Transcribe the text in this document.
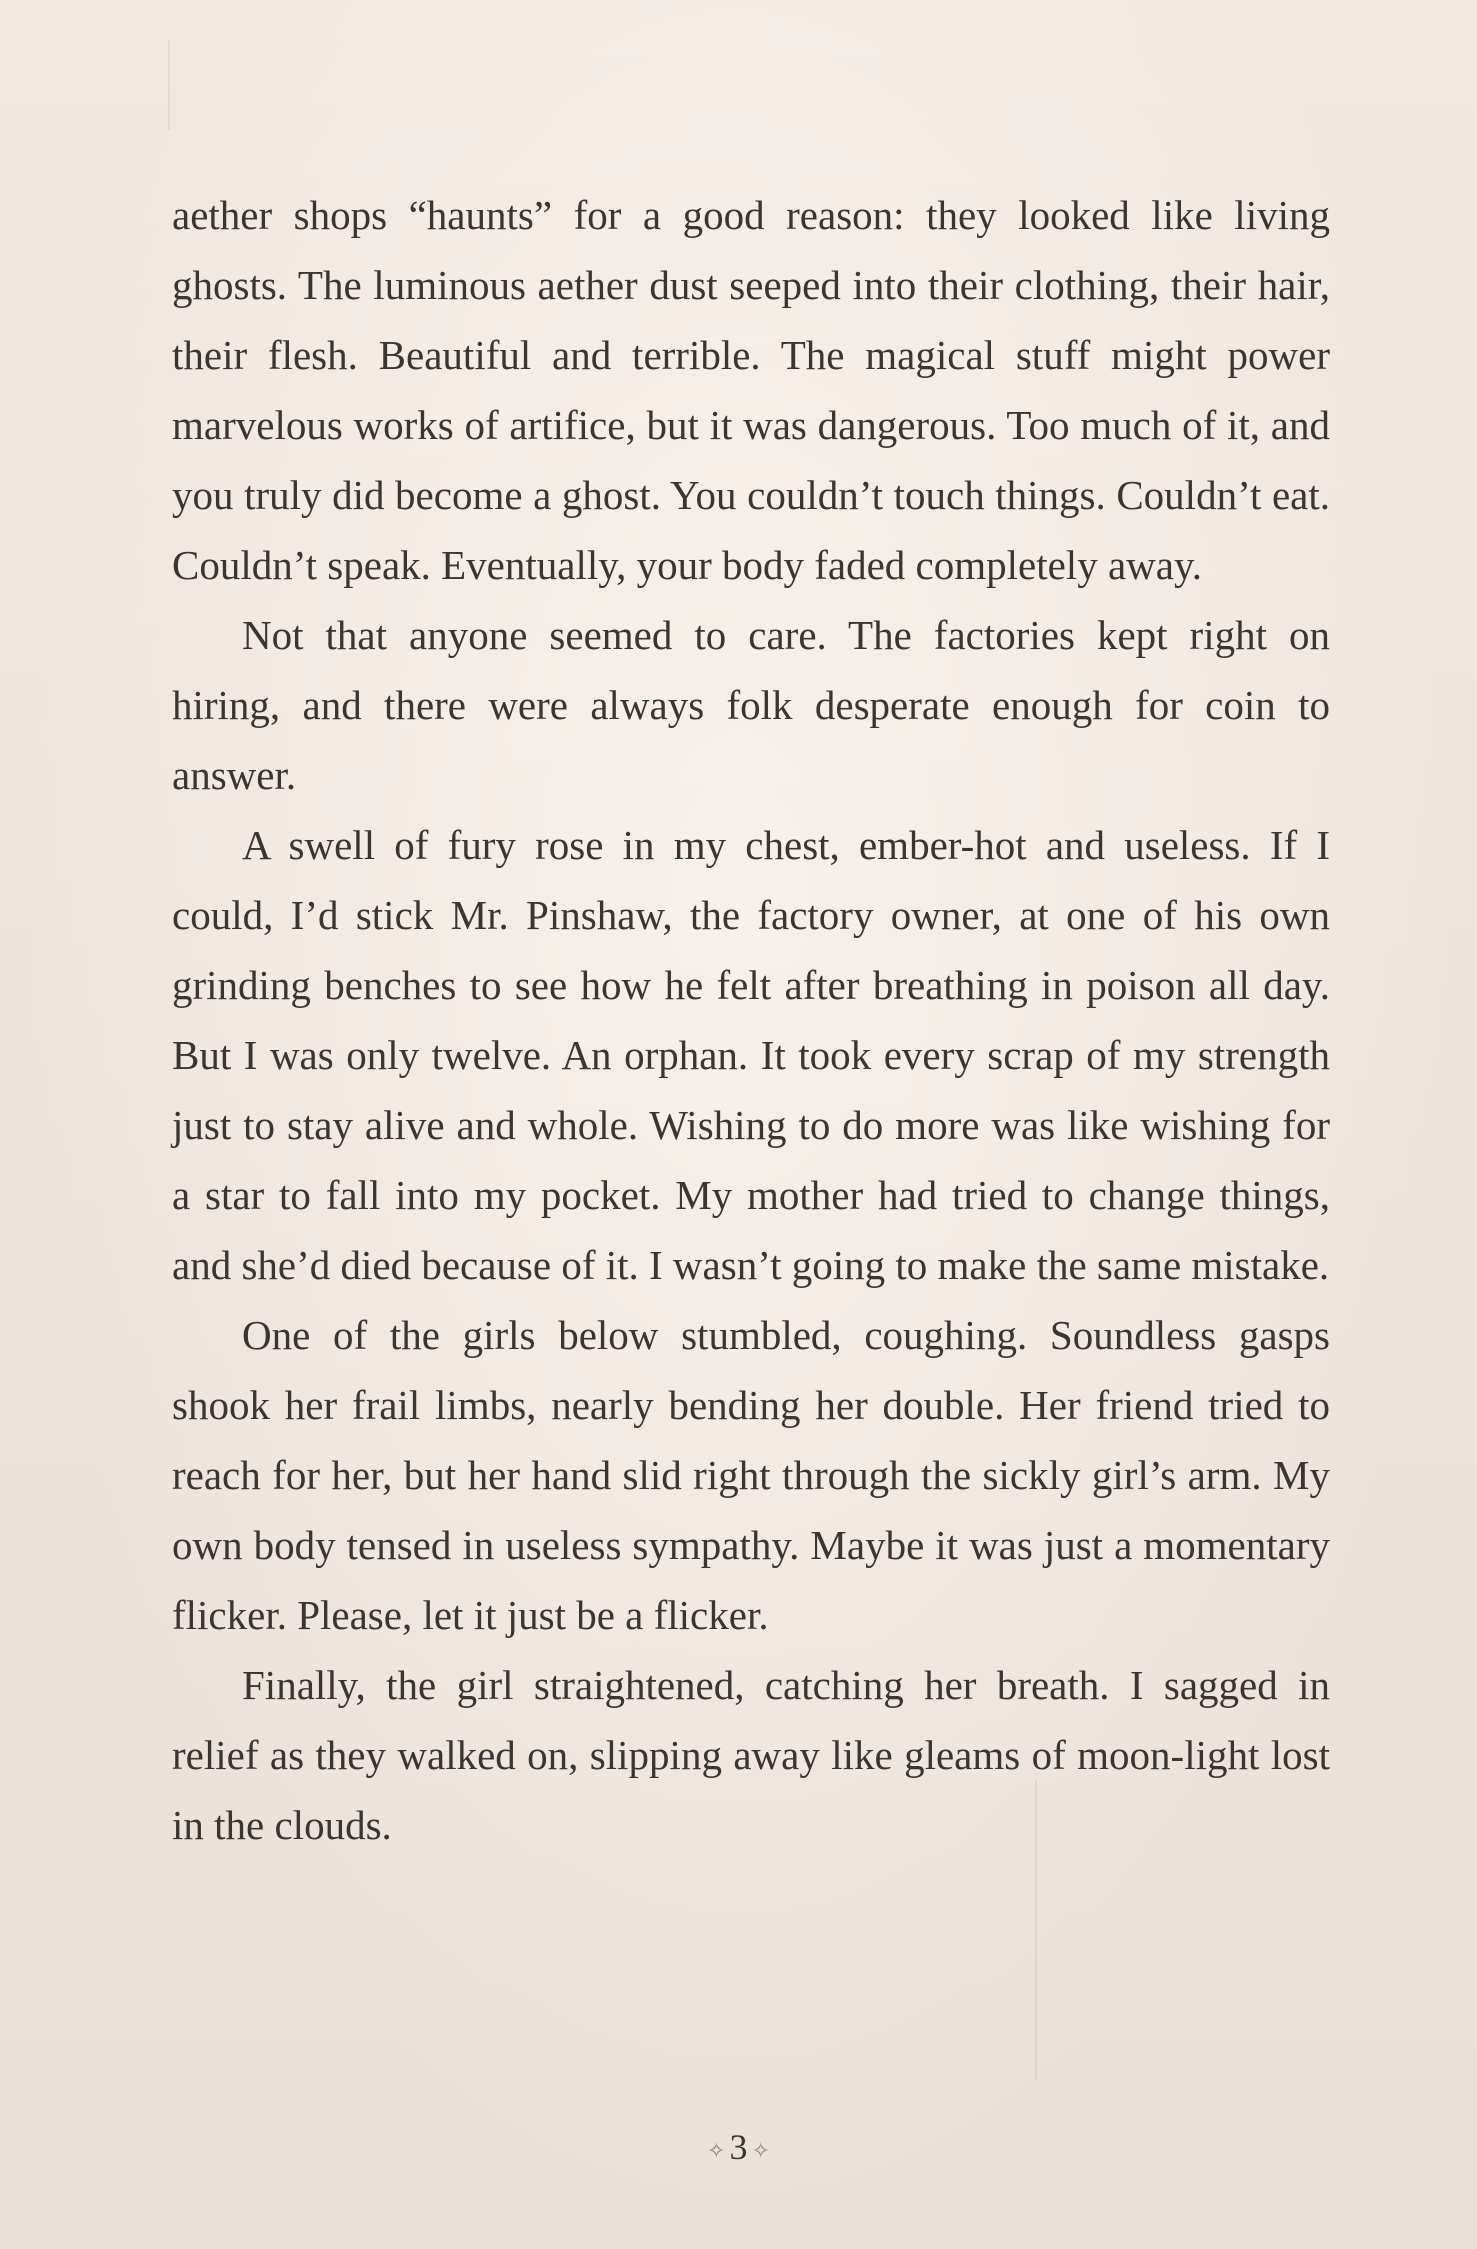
aether shops “haunts” for a good reason: they looked like living ghosts. The luminous aether dust seeped into their clothing, their hair, their flesh. Beautiful and terrible. The magical stuff might power marvelous works of artifice, but it was dangerous. Too much of it, and you truly did become a ghost. You couldn’t touch things. Couldn’t eat. Couldn’t speak. Eventually, your body faded completely away.

Not that anyone seemed to care. The factories kept right on hiring, and there were always folk desperate enough for coin to answer.

A swell of fury rose in my chest, ember-hot and useless. If I could, I’d stick Mr. Pinshaw, the factory owner, at one of his own grinding benches to see how he felt after breathing in poison all day. But I was only twelve. An orphan. It took every scrap of my strength just to stay alive and whole. Wishing to do more was like wishing for a star to fall into my pocket. My mother had tried to change things, and she’d died because of it. I wasn’t going to make the same mistake.

One of the girls below stumbled, coughing. Soundless gasps shook her frail limbs, nearly bending her double. Her friend tried to reach for her, but her hand slid right through the sickly girl’s arm. My own body tensed in useless sympathy. Maybe it was just a momentary flicker. Please, let it just be a flicker.

Finally, the girl straightened, catching her breath. I sagged in relief as they walked on, slipping away like gleams of moon-light lost in the clouds.

✧ 3 ✧
